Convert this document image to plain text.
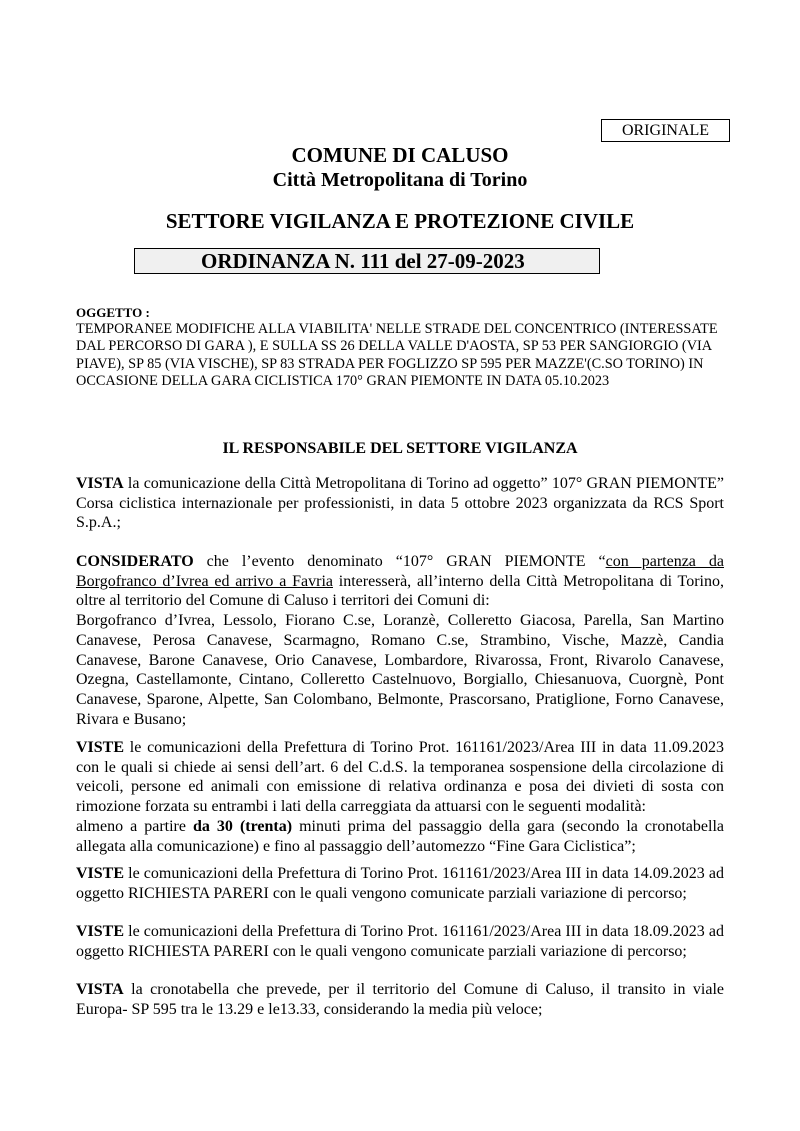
ORIGINALE
COMUNE DI CALUSO
Città Metropolitana di Torino
SETTORE VIGILANZA E PROTEZIONE CIVILE
ORDINANZA N. 111 del 27-09-2023
OGGETTO :
TEMPORANEE MODIFICHE ALLA VIABILITA' NELLE STRADE DEL CONCENTRICO (INTERESSATE DAL PERCORSO DI GARA ), E SULLA SS 26 DELLA VALLE D'AOSTA, SP 53 PER SANGIORGIO (VIA PIAVE), SP 85 (VIA VISCHE), SP 83 STRADA PER FOGLIZZO SP 595 PER MAZZE'(C.SO TORINO) IN OCCASIONE DELLA GARA CICLISTICA 170° GRAN PIEMONTE IN DATA 05.10.2023
IL RESPONSABILE DEL SETTORE VIGILANZA
VISTA la comunicazione della Città Metropolitana di Torino ad oggetto” 107° GRAN PIEMONTE” Corsa ciclistica internazionale per professionisti, in data 5 ottobre 2023 organizzata da RCS Sport S.p.A.;
CONSIDERATO che l’evento denominato “107° GRAN PIEMONTE “con partenza da Borgofranco d’Ivrea ed arrivo a Favria interesserà, all’interno della Città Metropolitana di Torino, oltre al territorio del Comune di Caluso i territori dei Comuni di:
Borgofranco d’Ivrea, Lessolo, Fiorano C.se, Loranzè, Colleretto Giacosa, Parella, San Martino Canavese, Perosa Canavese, Scarmagno, Romano C.se, Strambino, Vische, Mazzè, Candia Canavese, Barone Canavese, Orio Canavese, Lombardore, Rivarossa, Front, Rivarolo Canavese, Ozegna, Castellamonte, Cintano, Colleretto Castelnuovo, Borgiallo, Chiesanuova, Cuorgnè, Pont Canavese, Sparone, Alpette, San Colombano, Belmonte, Prascorsano, Pratiglione, Forno Canavese, Rivara e Busano;
VISTE le comunicazioni della Prefettura di Torino Prot. 161161/2023/Area III in data 11.09.2023 con le quali si chiede ai sensi dell’art. 6 del C.d.S. la temporanea sospensione della circolazione di veicoli, persone ed animali con emissione di relativa ordinanza e posa dei divieti di sosta con rimozione forzata su entrambi i lati della carreggiata da attuarsi con le seguenti modalità:
almeno a partire da 30 (trenta) minuti prima del passaggio della gara (secondo la cronotabella allegata alla comunicazione) e fino al passaggio dell’automezzo “Fine Gara Ciclistica”;
VISTE le comunicazioni della Prefettura di Torino Prot. 161161/2023/Area III in data 14.09.2023 ad oggetto RICHIESTA PARERI con le quali vengono comunicate parziali variazione di percorso;
VISTE le comunicazioni della Prefettura di Torino Prot. 161161/2023/Area III in data 18.09.2023 ad oggetto RICHIESTA PARERI con le quali vengono comunicate parziali variazione di percorso;
VISTA la cronotabella che prevede, per il territorio del Comune di Caluso, il transito in viale Europa- SP 595 tra le 13.29 e le13.33, considerando la media più veloce;
